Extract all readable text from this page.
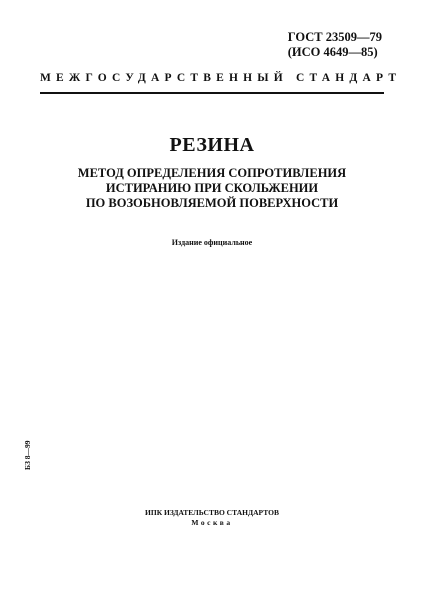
ГОСТ 23509—79
(ИСО 4649—85)
МЕЖГОСУДАРСТВЕННЫЙ СТАНДАРТ
РЕЗИНА
МЕТОД ОПРЕДЕЛЕНИЯ СОПРОТИВЛЕНИЯ
ИСТИРАНИЮ ПРИ СКОЛЬЖЕНИИ
ПО ВОЗОБНОВЛЯЕМОЙ ПОВЕРХНОСТИ
Издание официальное
БЗ 8—99
ИПК ИЗДАТЕЛЬСТВО СТАНДАРТОВ
Москва
